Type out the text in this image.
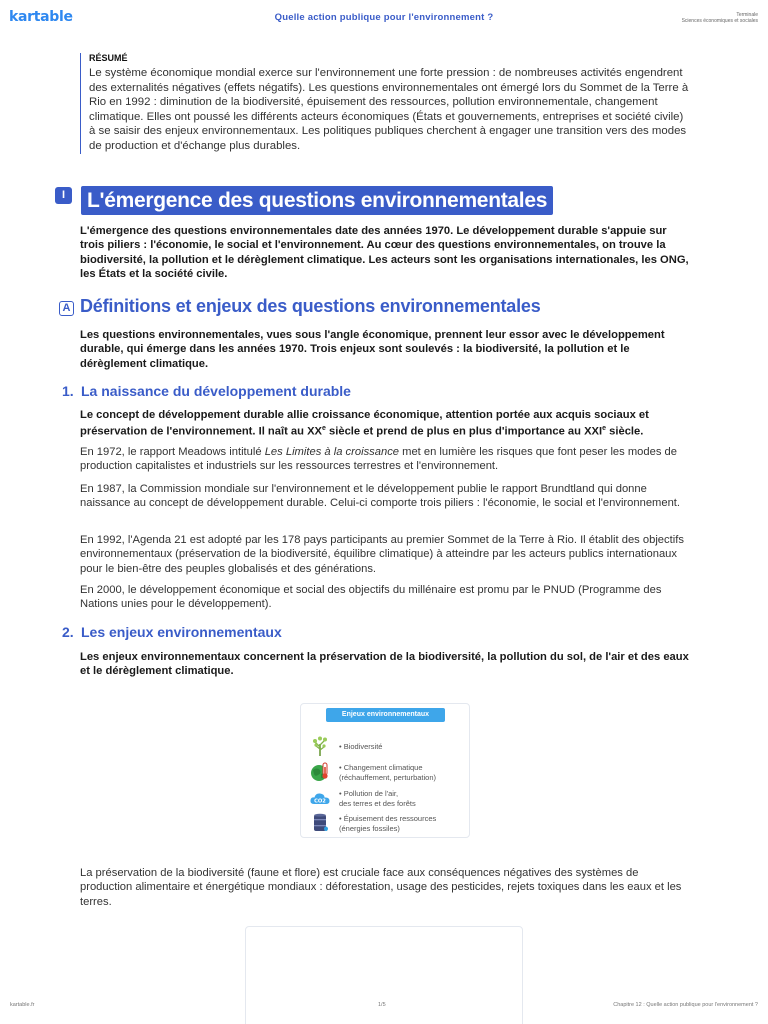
kartable	Quelle action publique pour l'environnement ?	Terminale
Sciences économiques et sociales
RÉSUMÉ
Le système économique mondial exerce sur l'environnement une forte pression : de nombreuses activités engendrent des externalités négatives (effets négatifs). Les questions environnementales ont émergé lors du Sommet de la Terre à Rio en 1992 : diminution de la biodiversité, épuisement des ressources, pollution environnementale, changement climatique. Elles ont poussé les différents acteurs économiques (États et gouvernements, entreprises et société civile) à se saisir des enjeux environnementaux. Les politiques publiques cherchent à engager une transition vers des modes de production et d'échange plus durables.
I	L'émergence des questions environnementales
L'émergence des questions environnementales date des années 1970. Le développement durable s'appuie sur trois piliers : l'économie, le social et l'environnement. Au cœur des questions environnementales, on trouve la biodiversité, la pollution et le dérèglement climatique. Les acteurs sont les organisations internationales, les ONG, les États et la société civile.
A Définitions et enjeux des questions environnementales
Les questions environnementales, vues sous l'angle économique, prennent leur essor avec le développement durable, qui émerge dans les années 1970. Trois enjeux sont soulevés : la biodiversité, la pollution et le dérèglement climatique.
1. La naissance du développement durable
Le concept de développement durable allie croissance économique, attention portée aux acquis sociaux et préservation de l'environnement. Il naît au XXe siècle et prend de plus en plus d'importance au XXIe siècle.
En 1972, le rapport Meadows intitulé Les Limites à la croissance met en lumière les risques que font peser les modes de production capitalistes et industriels sur les ressources terrestres et l'environnement.
En 1987, la Commission mondiale sur l'environnement et le développement publie le rapport Brundtland qui donne naissance au concept de développement durable. Celui-ci comporte trois piliers : l'économie, le social et l'environnement.
En 1992, l'Agenda 21 est adopté par les 178 pays participants au premier Sommet de la Terre à Rio. Il établit des objectifs environnementaux (préservation de la biodiversité, équilibre climatique) à atteindre par les acteurs publics internationaux pour le bien-être des peuples globalisés et des générations.
En 2000, le développement économique et social des objectifs du millénaire est promu par le PNUD (Programme des Nations unies pour le développement).
2. Les enjeux environnementaux
Les enjeux environnementaux concernent la préservation de la biodiversité, la pollution du sol, de l'air et des eaux et le dérèglement climatique.
Enjeux environnementaux
• Biodiversité
• Changement climatique
(réchauffement, perturbation)
CO2
• Pollution de l'air,
des terres et des forêts
• Épuisement des ressources
(énergies fossiles)
La préservation de la biodiversité (faune et flore) est cruciale face aux conséquences négatives des systèmes de production alimentaire et énergétique mondiaux : déforestation, usage des pesticides, rejets toxiques dans les eaux et les terres.
kartable.fr	1/5	Chapitre 12 : Quelle action publique pour l'environnement ?
